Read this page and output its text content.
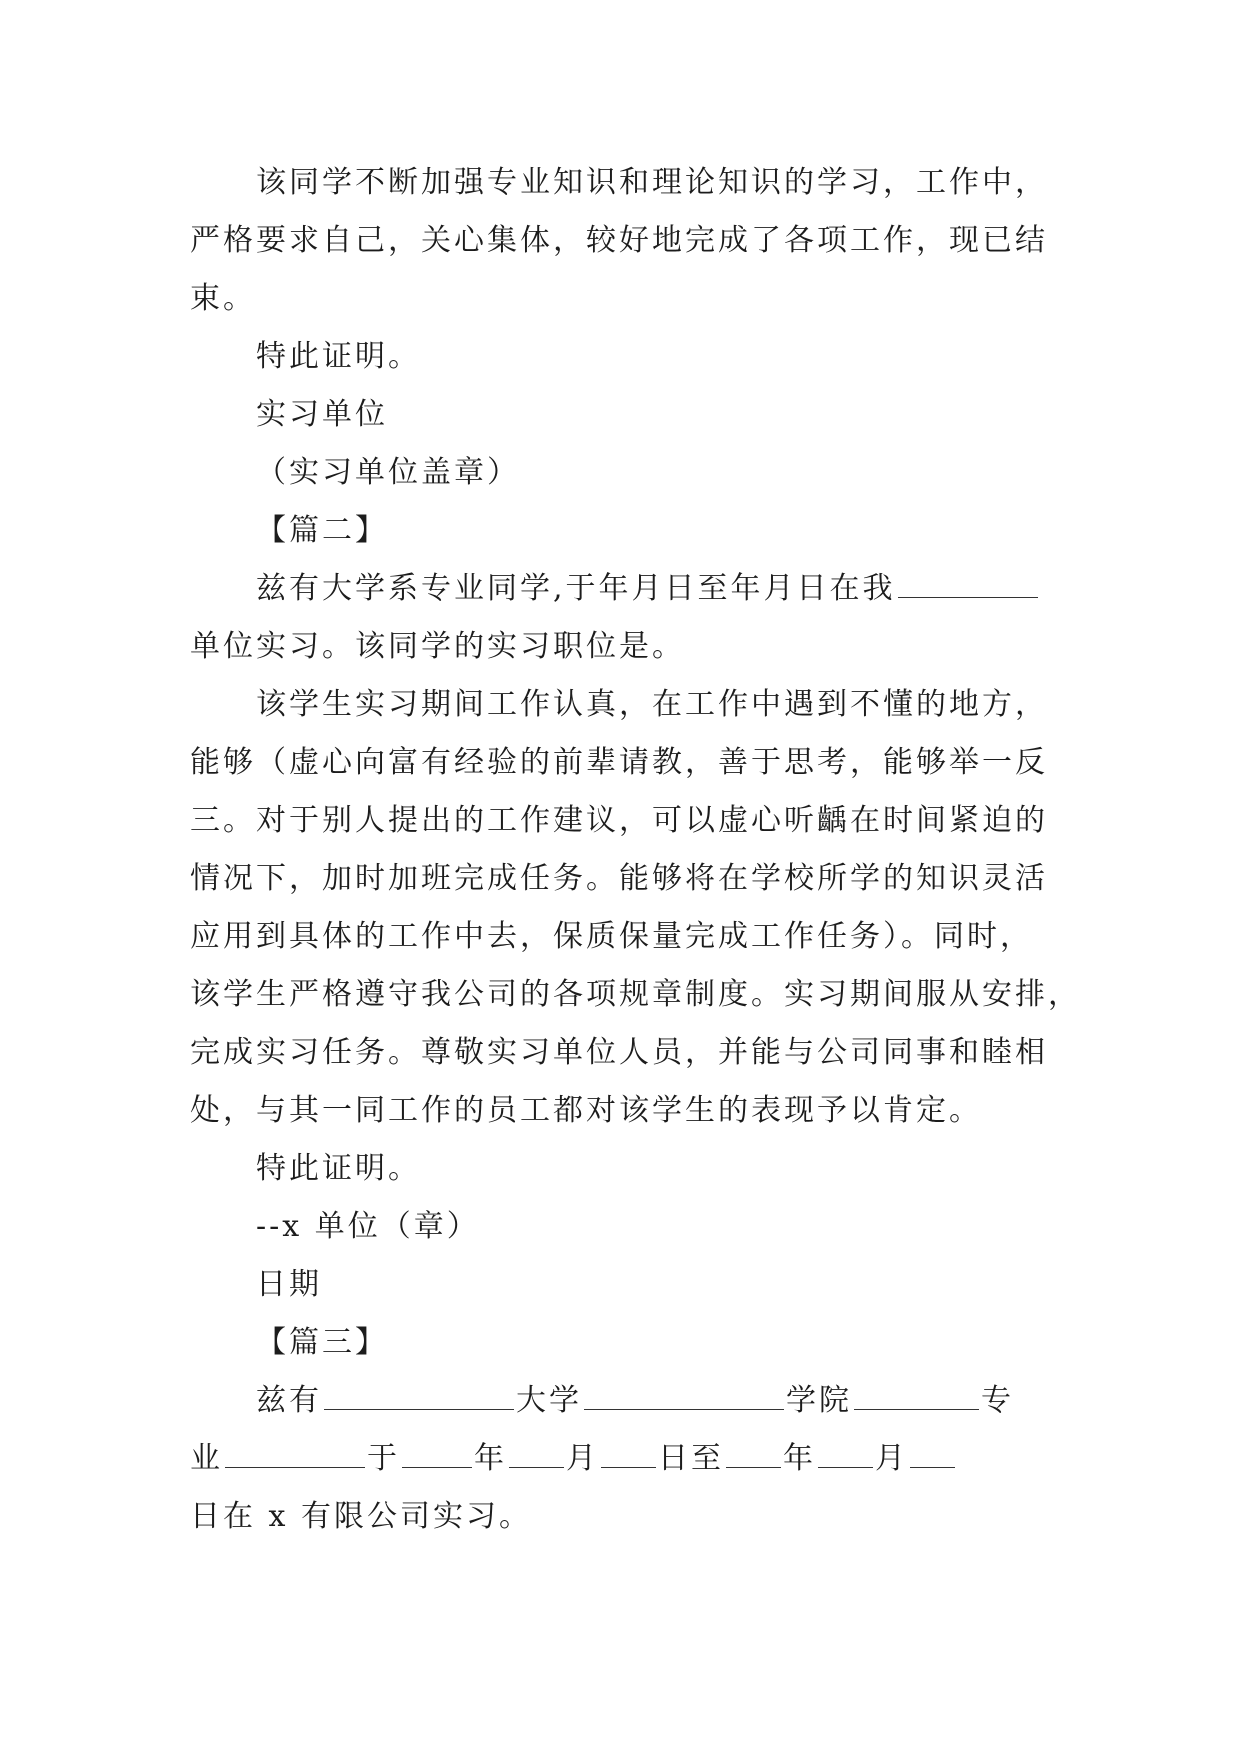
该同学不断加强专业知识和理论知识的学习，工作中，
严格要求自己，关心集体，较好地完成了各项工作，现已结
束。
特此证明。
实习单位
（实习单位盖章）
【篇二】
兹有大学系专业同学,于年月日至年月日在我
单位实习。该同学的实习职位是。
该学生实习期间工作认真，在工作中遇到不懂的地方，
能够（虚心向富有经验的前辈请教，善于思考，能够举一反
三。对于别人提出的工作建议，可以虚心听齲在时间紧迫的
情况下，加时加班完成任务。能够将在学校所学的知识灵活
应用到具体的工作中去，保质保量完成工作任务）。同时，
该学生严格遵守我公司的各项规章制度。实习期间服从安排，
完成实习任务。尊敬实习单位人员，并能与公司同事和睦相
处，与其一同工作的员工都对该学生的表现予以肯定。
特此证明。
--x 单位（章）
日期
【篇三】
兹有	大学	学院	专
业	于 年 月 日至 年 月
日在 x 有限公司实习。
